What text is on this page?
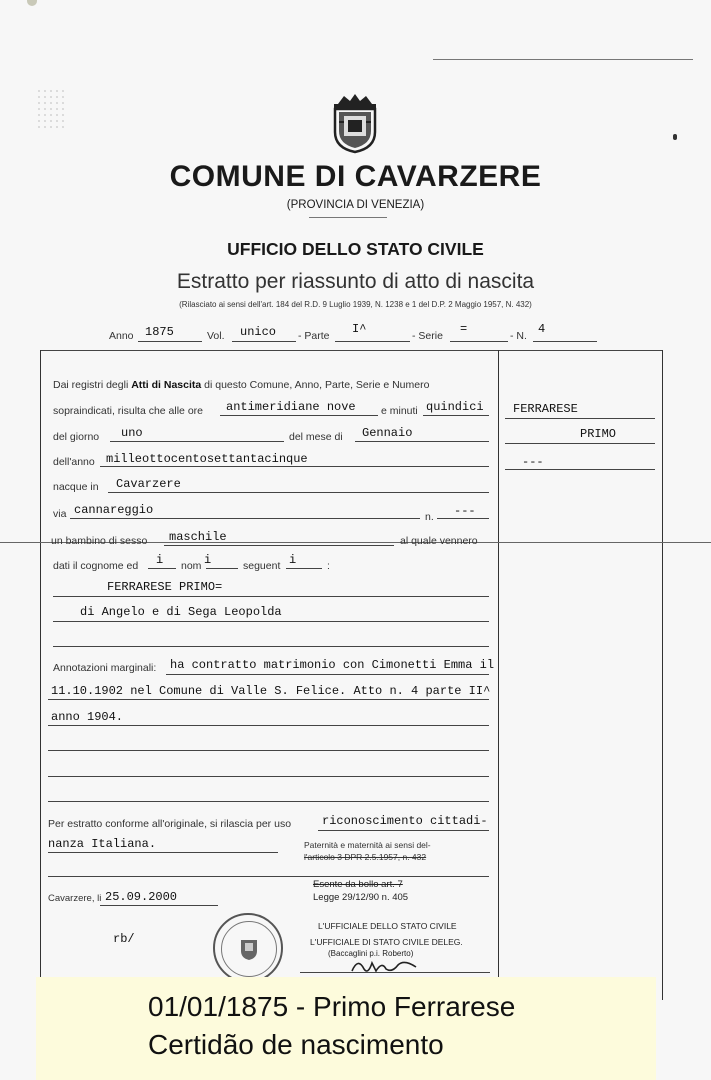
COMUNE DI CAVARZERE
(PROVINCIA DI VENEZIA)
UFFICIO DELLO STATO CIVILE
Estratto per riassunto di atto di nascita
(Rilasciato ai sensi dell'art. 184 del R.D. 9 Luglio 1939, N. 1238 e 1 del D.P. 2 Maggio 1957, N. 432)
Anno 1875	Vol. unico - Parte I^	- Serie =	- N. 4
FERRARESE
PRIMO
---
Dai registri degli Atti di Nascita di questo Comune, Anno, Parte, Serie e Numero
sopraindicati, risulta che alle ore antimeridiane nove e minuti quindici
del giorno uno	del mese di Gennaio
dell'anno milleottocentosettantacinque
nacque in Cavarzere
via cannareggio	n. ---
un bambino di sesso maschile	al quale vennero
dati il cognome ed i nom i	seguent i	:
FERRARESE PRIMO=
di Angelo e di Sega Leopolda
Annotazioni marginali: ha contratto matrimonio con Cimonetti Emma il
11.10.1902 nel Comune di Valle S. Felice. Atto n. 4 parte II^
anno 1904.
Per estratto conforme all'originale, si rilascia per uso	riconoscimento cittadi-
nanza Italiana.	Paternità e maternità ai sensi del-
l'articolo 3 DPR 2.5.1957, n. 432
Esente da bollo art. 7
Legge 29/12/90 n. 405
Cavarzere, li 25.09.2000
rb/
L'UFFICIALE DELLO STATO CIVILE
L'UFFICIALE DI STATO CIVILE DELEG.
(Baccaglini p.i. Roberto)
01/01/1875 - Primo Ferrarese
Certidão de nascimento
